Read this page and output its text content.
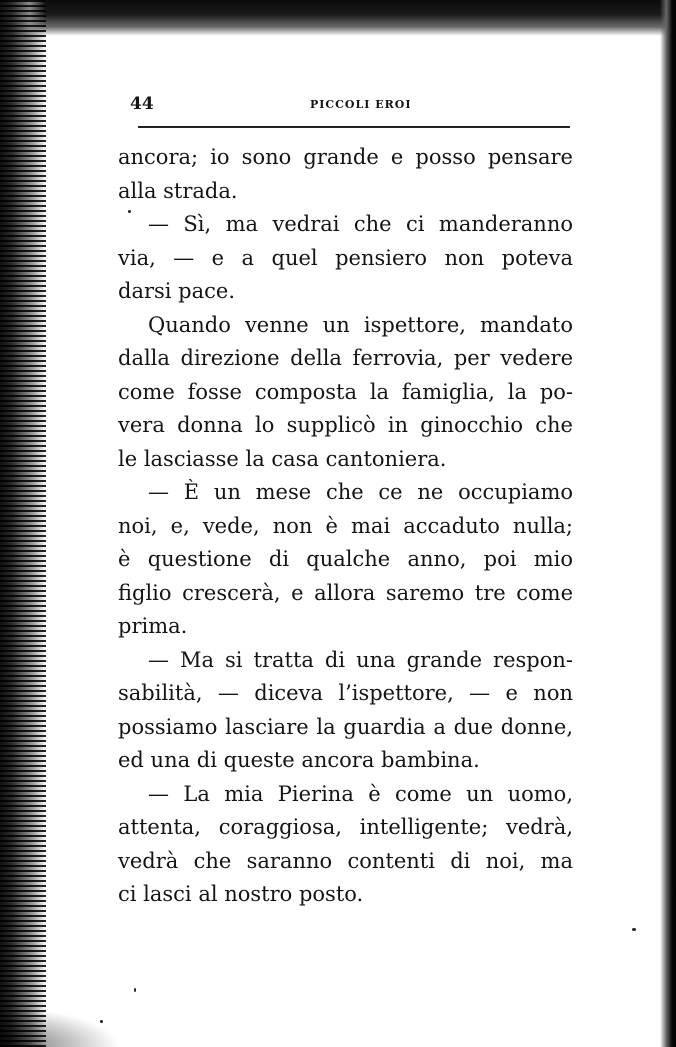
44	PICCOLI EROI
ancora; io sono grande e posso pensare
alla strada.
— Sì, ma vedrai che ci manderanno
via, — e a quel pensiero non poteva
darsi pace.
Quando venne un ispettore, mandato
dalla direzione della ferrovia, per vedere
come fosse composta la famiglia, la po-
vera donna lo supplicò in ginocchio che
le lasciasse la casa cantoniera.
— È un mese che ce ne occupiamo
noi, e, vede, non è mai accaduto nulla;
è questione di qualche anno, poi mio
figlio crescerà, e allora saremo tre come
prima.
— Ma si tratta di una grande respon-
sabilità, — diceva l’ispettore, — e non
possiamo lasciare la guardia a due donne,
ed una di queste ancora bambina.
— La mia Pierina è come un uomo,
attenta, coraggiosa, intelligente; vedrà,
vedrà che saranno contenti di noi, ma
ci lasci al nostro posto.
